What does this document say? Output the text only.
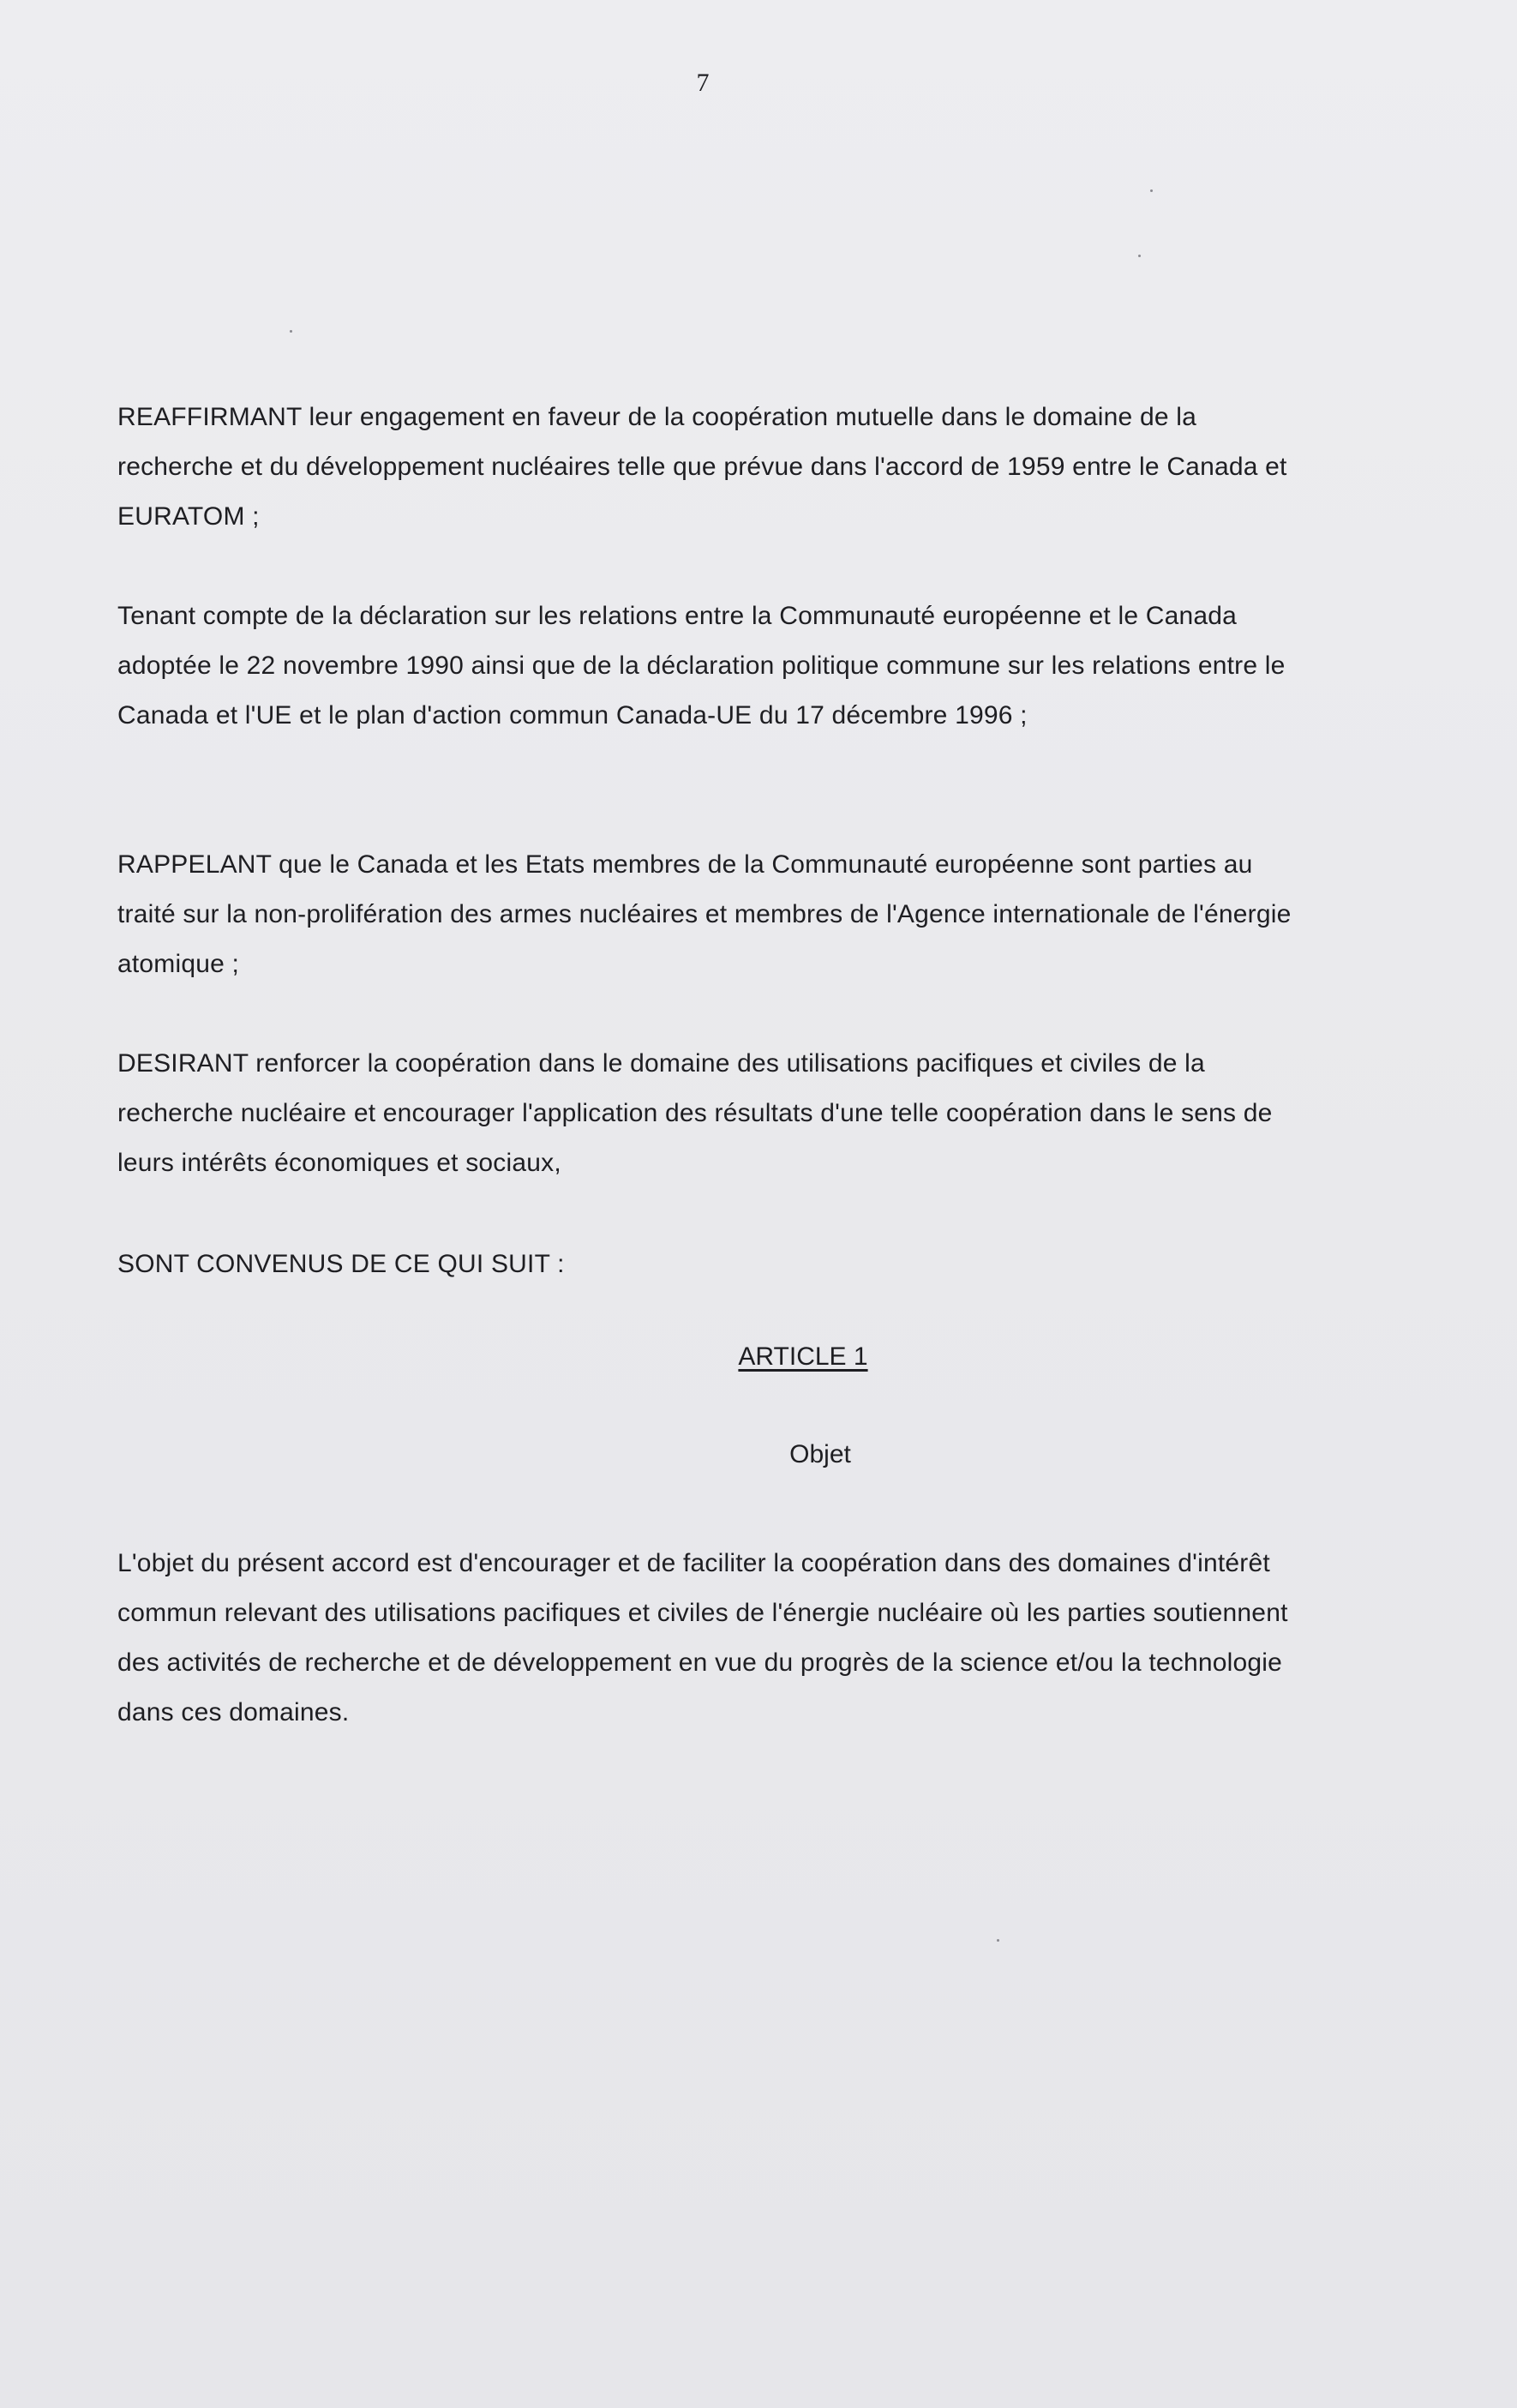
7

REAFFIRMANT leur engagement en faveur de la coopération mutuelle dans le domaine de la recherche et du développement nucléaires telle que prévue dans l'accord de 1959 entre le Canada et EURATOM ;

Tenant compte de la déclaration sur les relations entre la Communauté européenne et le Canada adoptée le 22 novembre 1990 ainsi que de la déclaration politique commune sur les relations entre le Canada et l'UE et le plan d'action commun Canada-UE du 17 décembre 1996 ;

RAPPELANT que le Canada et les Etats membres de la Communauté européenne sont parties au traité sur la non-prolifération des armes nucléaires et membres de l'Agence internationale de l'énergie atomique ;

DESIRANT renforcer la coopération dans le domaine des utilisations pacifiques et civiles de la recherche nucléaire et encourager l'application des résultats d'une telle coopération dans le sens de leurs intérêts économiques et sociaux,

SONT CONVENUS DE CE QUI SUIT :

ARTICLE 1
Objet

L'objet du présent accord est d'encourager et de faciliter la coopération dans des domaines d'intérêt commun relevant des utilisations pacifiques et civiles de l'énergie nucléaire où les parties soutiennent des activités de recherche et de développement en vue du progrès de la science et/ou la technologie dans ces domaines.
